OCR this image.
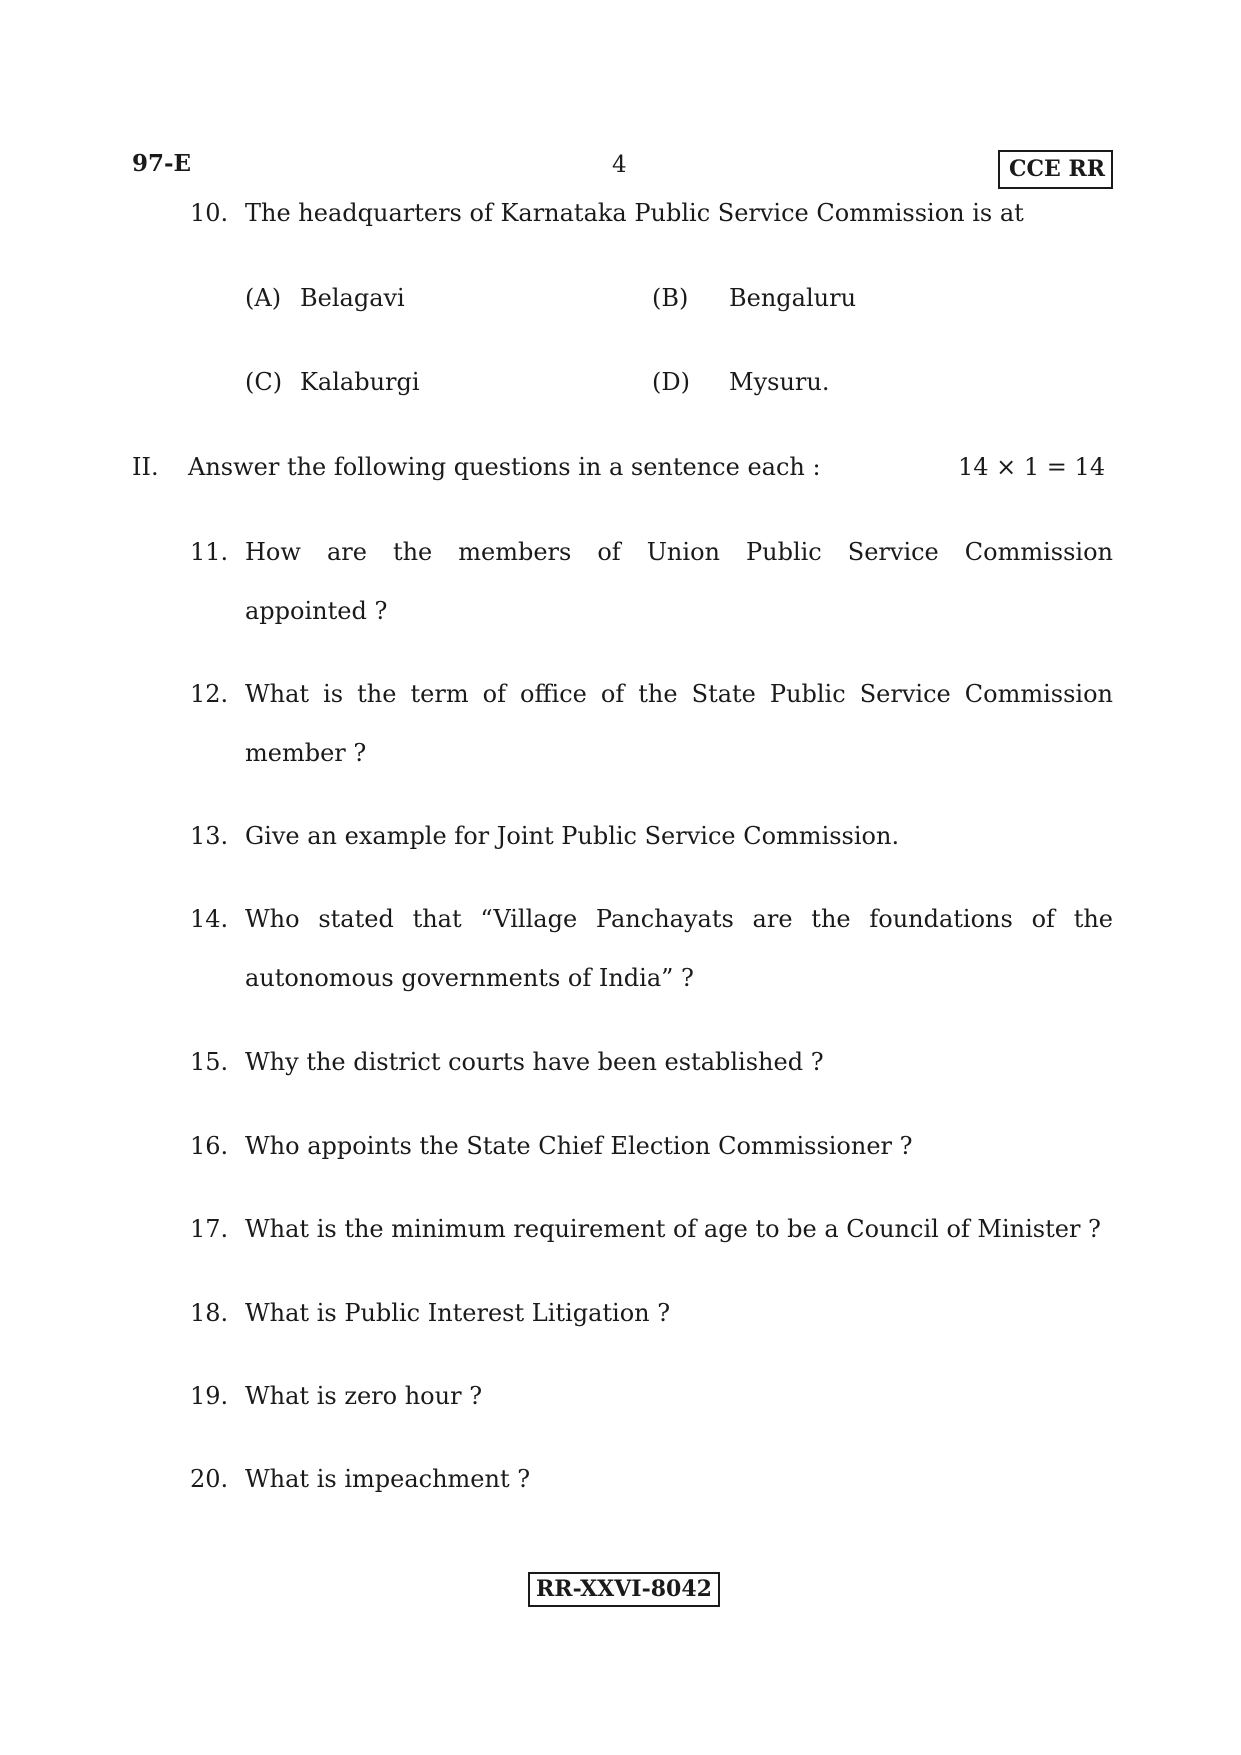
97-E	4	CCE RR
10. The headquarters of Karnataka Public Service Commission is at
(A) Belagavi	(B) Bengaluru
(C) Kalaburgi	(D) Mysuru.
II. Answer the following questions in a sentence each :	14 × 1 = 14
11. How are the members of Union Public Service Commission
appointed ?
12. What is the term of office of the State Public Service Commission
member ?
13. Give an example for Joint Public Service Commission.
14. Who stated that “Village Panchayats are the foundations of the
autonomous governments of India” ?
15. Why the district courts have been established ?
16. Who appoints the State Chief Election Commissioner ?
17. What is the minimum requirement of age to be a Council of Minister ?
18. What is Public Interest Litigation ?
19. What is zero hour ?
20. What is impeachment ?
RR-XXVI-8042
